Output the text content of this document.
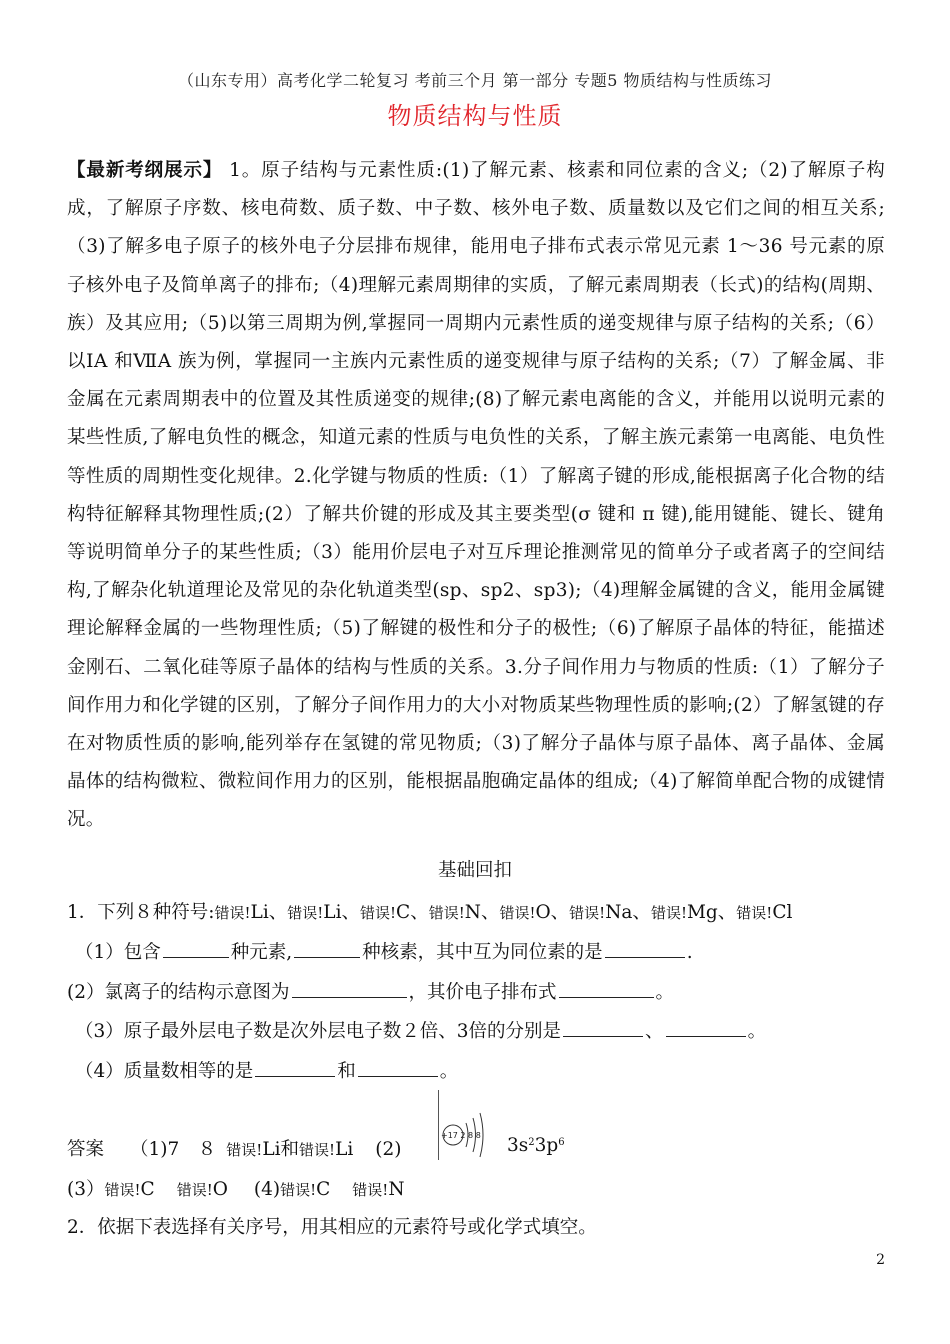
（山东专用）高考化学二轮复习 考前三个月 第一部分 专题5 物质结构与性质练习
物质结构与性质
【最新考纲展示】 1。原子结构与元素性质:(1)了解元素、核素和同位素的含义;（2)了解原子构成，了解原子序数、核电荷数、质子数、中子数、核外电子数、质量数以及它们之间的相互关系;（3)了解多电子原子的核外电子分层排布规律，能用电子排布式表示常见元素 1～36 号元素的原子核外电子及简单离子的排布;（4)理解元素周期律的实质，了解元素周期表（长式)的结构(周期、族）及其应用;（5)以第三周期为例,掌握同一周期内元素性质的递变规律与原子结构的关系;（6）以ⅠA 和ⅦA 族为例，掌握同一主族内元素性质的递变规律与原子结构的关系;（7）了解金属、非金属在元素周期表中的位置及其性质递变的规律;(8)了解元素电离能的含义，并能用以说明元素的某些性质,了解电负性的概念，知道元素的性质与电负性的关系，了解主族元素第一电离能、电负性等性质的周期性变化规律。2.化学键与物质的性质:（1）了解离子键的形成,能根据离子化合物的结构特征解释其物理性质;(2）了解共价键的形成及其主要类型(σ 键和 π 键),能用键能、键长、键角等说明简单分子的某些性质;（3）能用价层电子对互斥理论推测常见的简单分子或者离子的空间结构,了解杂化轨道理论及常见的杂化轨道类型(sp、sp2、sp3);（4)理解金属键的含义，能用金属键理论解释金属的一些物理性质;（5)了解键的极性和分子的极性;（6)了解原子晶体的特征，能描述金刚石、二氧化硅等原子晶体的结构与性质的关系。3.分子间作用力与物质的性质:（1）了解分子间作用力和化学键的区别，了解分子间作用力的大小对物质某些物理性质的影响;(2）了解氢键的存在对物质性质的影响,能列举存在氢键的常见物质;（3)了解分子晶体与原子晶体、离子晶体、金属晶体的结构微粒、微粒间作用力的区别，能根据晶胞确定晶体的组成;（4)了解简单配合物的成键情况。
基础回扣
1．下列８种符号:错误!Li、错误!Li、错误!C、错误!N、错误!O、错误!Na、错误!Mg、错误!Cl
（1）包含	种元素,	种核素，其中互为同位素的是	.
(2）氯离子的结构示意图为	，其价电子排布式	。
（3）原子最外层电子数是次外层电子数２倍、3倍的分别是	、	。
（4）质量数相等的是	和	。
答案 （1)7　８ 错误!Li和错误!Li (2)	$3s^23p^6$
+17 2 8 8
(3）错误!C 错误!O (4)错误!C 错误!N
2．依据下表选择有关序号，用其相应的元素符号或化学式填空。
2
